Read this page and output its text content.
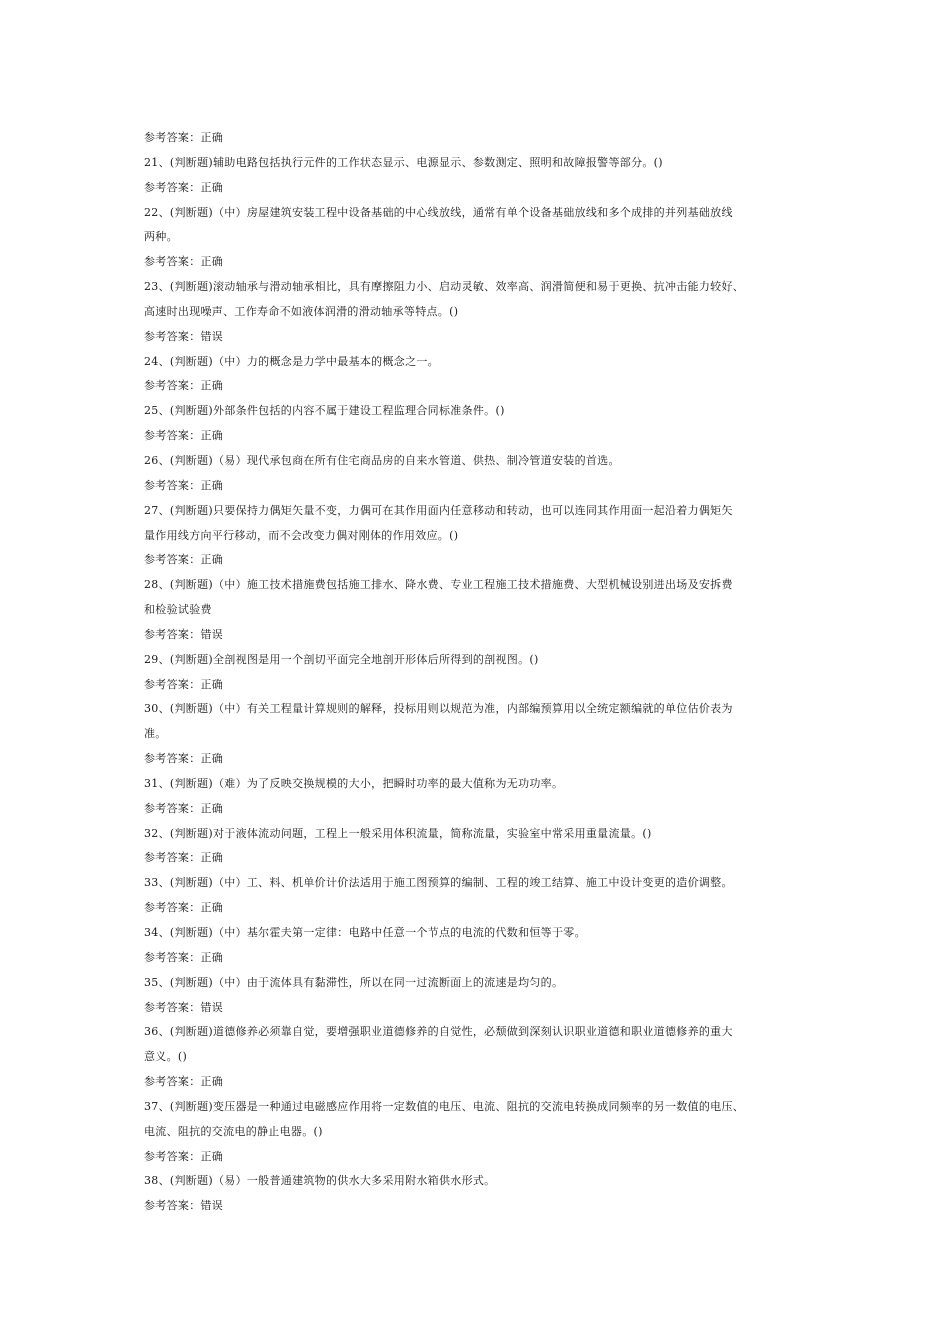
参考答案：正确
21、(判断题)辅助电路包括执行元件的工作状态显示、电源显示、参数测定、照明和故障报警等部分。()
参考答案：正确
22、(判断题)（中）房屋建筑安装工程中设备基础的中心线放线，通常有单个设备基础放线和多个成排的并列基础放线
两种。
参考答案：正确
23、(判断题)滚动轴承与滑动轴承相比，具有摩擦阻力小、启动灵敏、效率高、润滑简便和易于更换、抗冲击能力较好、
高速时出现噪声、工作寿命不如液体润滑的滑动轴承等特点。()
参考答案：错误
24、(判断题)（中）力的概念是力学中最基本的概念之一。
参考答案：正确
25、(判断题)外部条件包括的内容不属于建设工程监理合同标准条件。()
参考答案：正确
26、(判断题)（易）现代承包商在所有住宅商品房的自来水管道、供热、制冷管道安装的首选。
参考答案：正确
27、(判断题)只要保持力偶矩矢量不变，力偶可在其作用面内任意移动和转动，也可以连同其作用面一起沿着力偶矩矢
量作用线方向平行移动，而不会改变力偶对刚体的作用效应。()
参考答案：正确
28、(判断题)（中）施工技术措施费包括施工排水、降水费、专业工程施工技术措施费、大型机械设别进出场及安拆费
和检验试验费
参考答案：错误
29、(判断题)全剖视图是用一个剖切平面完全地剖开形体后所得到的剖视图。()
参考答案：正确
30、(判断题)（中）有关工程量计算规则的解释，投标用则以规范为准，内部编预算用以全统定额编就的单位估价表为
准。
参考答案：正确
31、(判断题)（难）为了反映交换规模的大小，把瞬时功率的最大值称为无功功率。
参考答案：正确
32、(判断题)对于液体流动问题，工程上一般采用体积流量，简称流量，实验室中常采用重量流量。()
参考答案：正确
33、(判断题)（中）工、料、机单价计价法适用于施工图预算的编制、工程的竣工结算、施工中设计变更的造价调整。
参考答案：正确
34、(判断题)（中）基尔霍夫第一定律：电路中任意一个节点的电流的代数和恒等于零。
参考答案：正确
35、(判断题)（中）由于流体具有黏滞性，所以在同一过流断面上的流速是均匀的。
参考答案：错误
36、(判断题)道德修养必须靠自觉，要增强职业道德修养的自觉性，必颓做到深刻认识职业道德和职业道德修养的重大
意义。()
参考答案：正确
37、(判断题)变压器是一种通过电磁感应作用将一定数值的电压、电流、阻抗的交流电转换成同频率的另一数值的电压、
电流、阻抗的交流电的静止电器。()
参考答案：正确
38、(判断题)（易）一般普通建筑物的供水大多采用附水箱供水形式。
参考答案：错误
